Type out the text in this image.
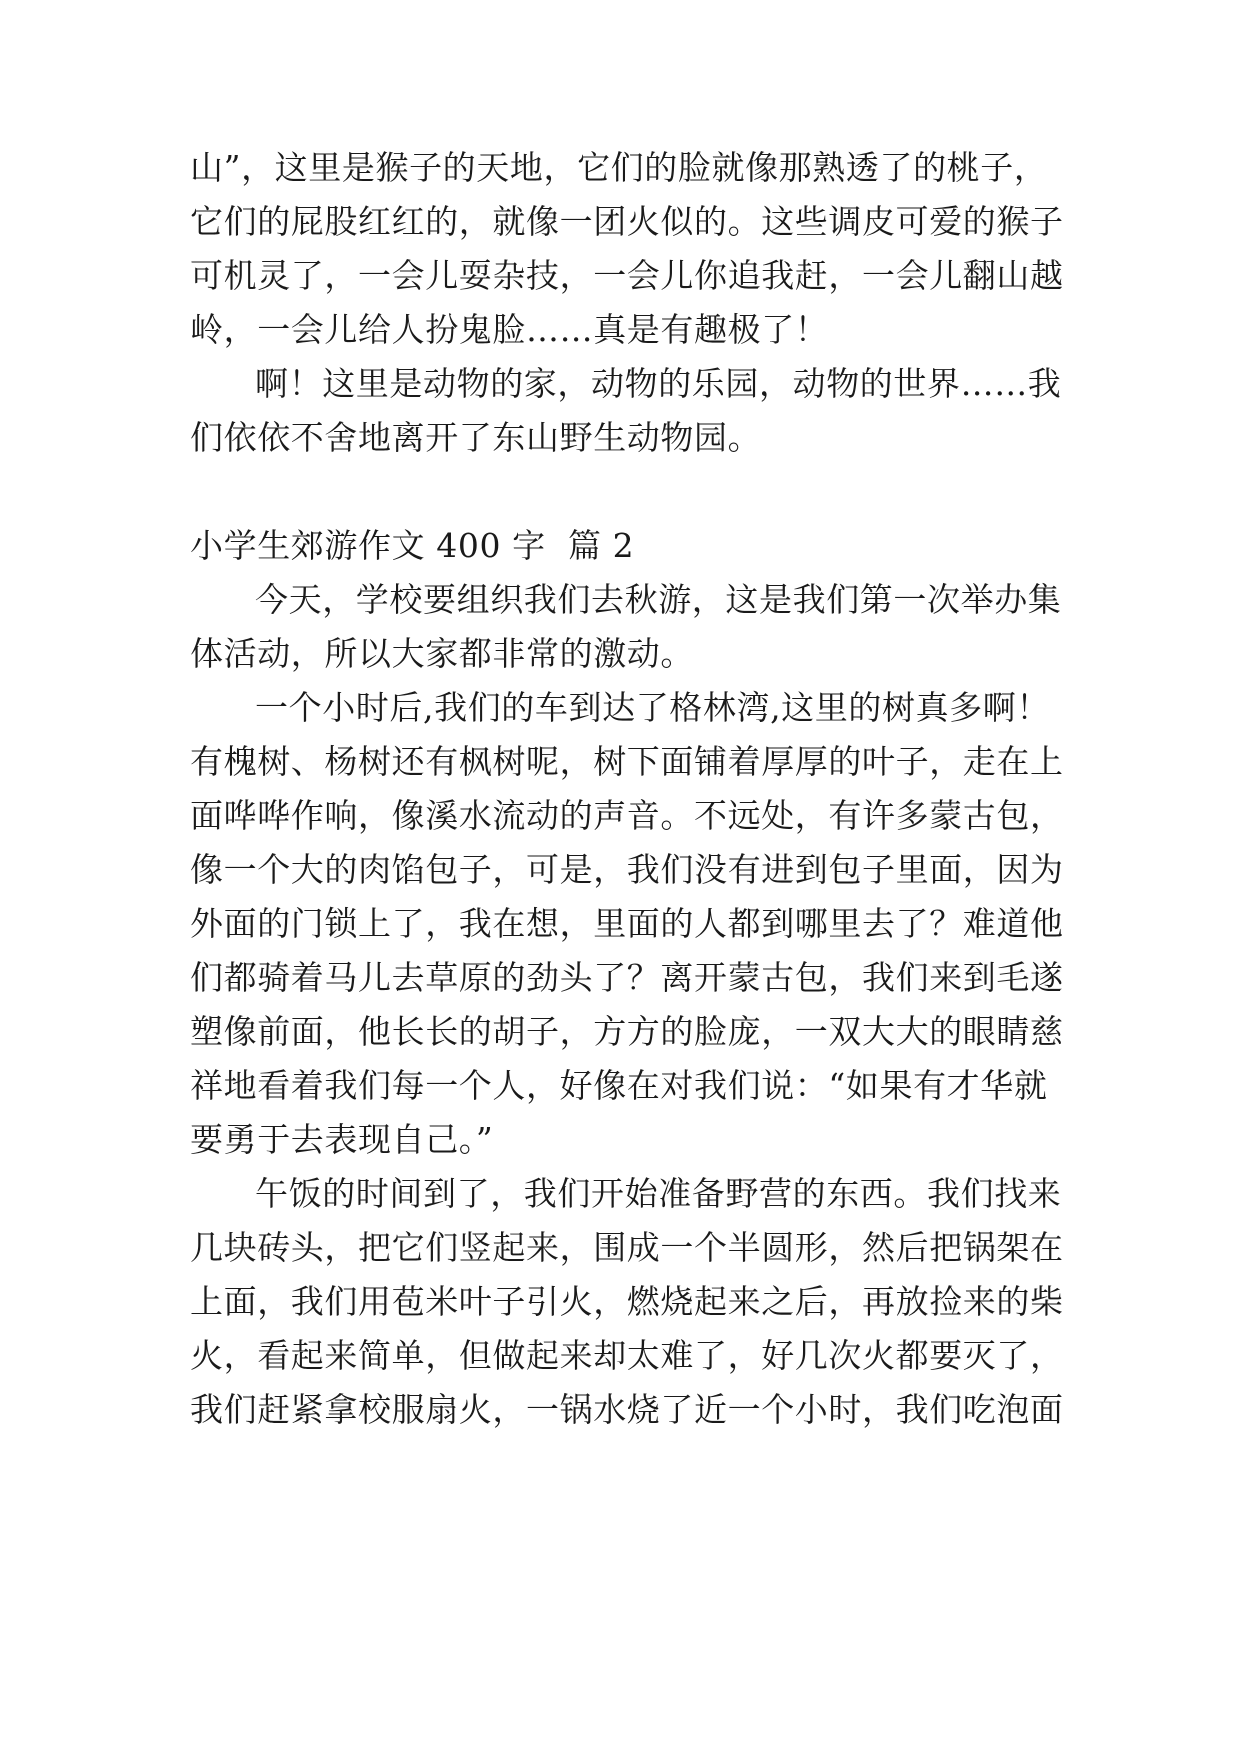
山”，这里是猴子的天地，它们的脸就像那熟透了的桃子，
它们的屁股红红的，就像一团火似的。这些调皮可爱的猴子
可机灵了，一会儿耍杂技，一会儿你追我赶，一会儿翻山越
岭，一会儿给人扮鬼脸……真是有趣极了！
啊！这里是动物的家，动物的乐园，动物的世界……我
们依依不舍地离开了东山野生动物园。
小学生郊游作文 400 字  篇 2
今天，学校要组织我们去秋游，这是我们第一次举办集
体活动，所以大家都非常的激动。
一个小时后,我们的车到达了格林湾,这里的树真多啊！
有槐树、杨树还有枫树呢，树下面铺着厚厚的叶子，走在上
面哗哗作响，像溪水流动的声音。不远处，有许多蒙古包，
像一个大的肉馅包子，可是，我们没有进到包子里面，因为
外面的门锁上了，我在想，里面的人都到哪里去了？难道他
们都骑着马儿去草原的劲头了？离开蒙古包，我们来到毛遂
塑像前面，他长长的胡子，方方的脸庞，一双大大的眼睛慈
祥地看着我们每一个人，好像在对我们说：“如果有才华就
要勇于去表现自己。”
午饭的时间到了，我们开始准备野营的东西。我们找来
几块砖头，把它们竖起来，围成一个半圆形，然后把锅架在
上面，我们用苞米叶子引火，燃烧起来之后，再放捡来的柴
火，看起来简单，但做起来却太难了，好几次火都要灭了，
我们赶紧拿校服扇火，一锅水烧了近一个小时，我们吃泡面
